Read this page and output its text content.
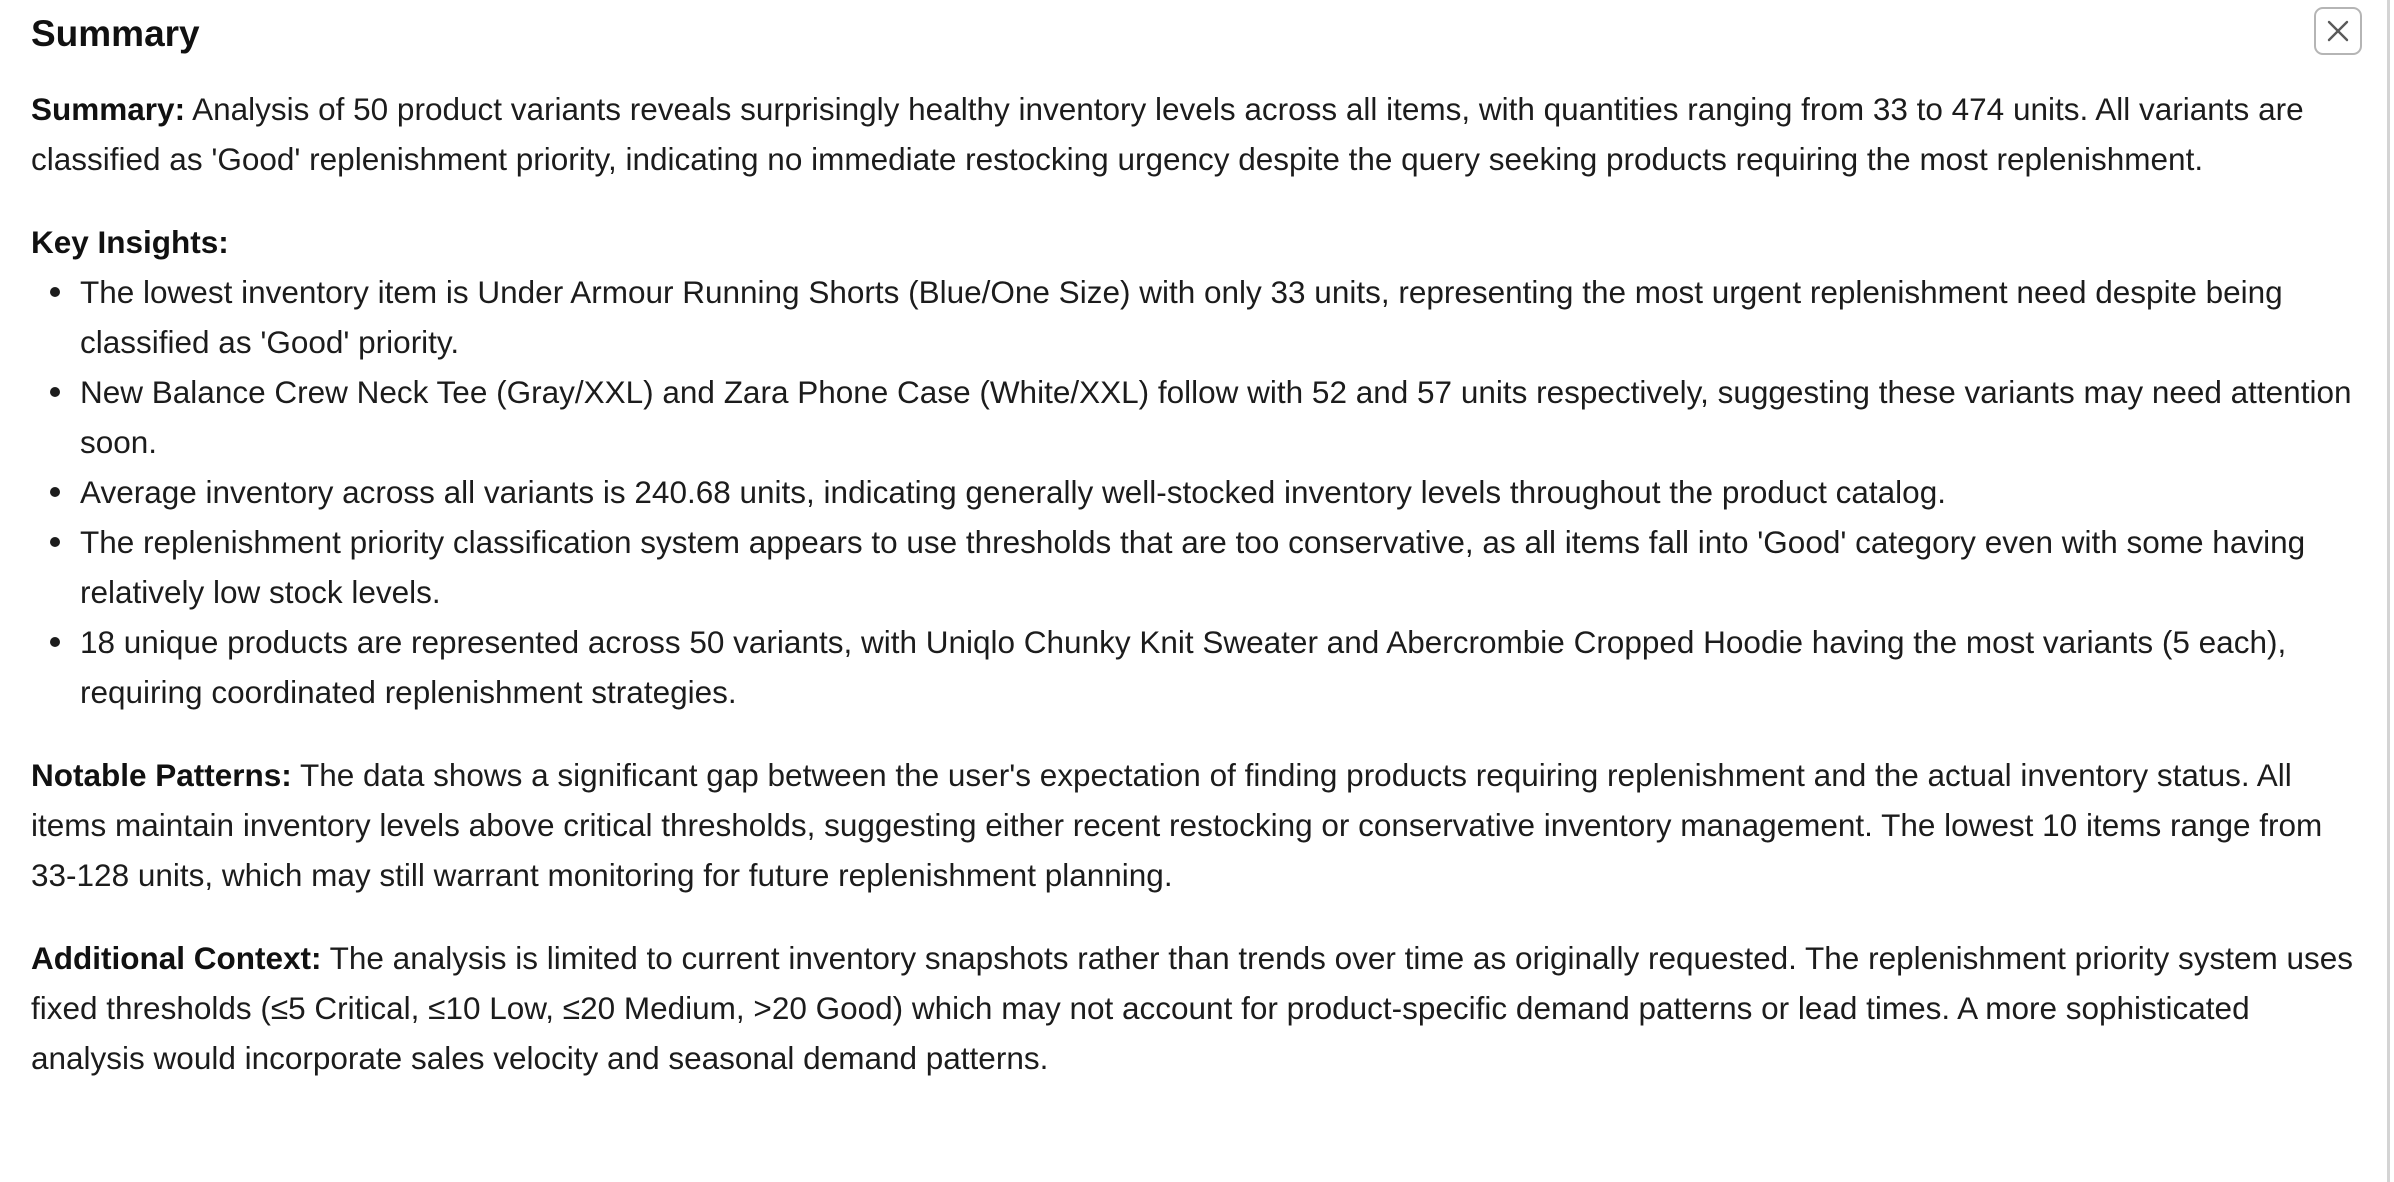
Summary

Summary: Analysis of 50 product variants reveals surprisingly healthy inventory levels across all items, with quantities ranging from 33 to 474 units. All variants are classified as 'Good' replenishment priority, indicating no immediate restocking urgency despite the query seeking products requiring the most replenishment.

Key Insights:

The lowest inventory item is Under Armour Running Shorts (Blue/One Size) with only 33 units, representing the most urgent replenishment need despite being classified as 'Good' priority.
New Balance Crew Neck Tee (Gray/XXL) and Zara Phone Case (White/XXL) follow with 52 and 57 units respectively, suggesting these variants may need attention soon.
Average inventory across all variants is 240.68 units, indicating generally well-stocked inventory levels throughout the product catalog.
The replenishment priority classification system appears to use thresholds that are too conservative, as all items fall into 'Good' category even with some having relatively low stock levels.
18 unique products are represented across 50 variants, with Uniqlo Chunky Knit Sweater and Abercrombie Cropped Hoodie having the most variants (5 each), requiring coordinated replenishment strategies.

Notable Patterns: The data shows a significant gap between the user's expectation of finding products requiring replenishment and the actual inventory status. All items maintain inventory levels above critical thresholds, suggesting either recent restocking or conservative inventory management. The lowest 10 items range from 33-128 units, which may still warrant monitoring for future replenishment planning.

Additional Context: The analysis is limited to current inventory snapshots rather than trends over time as originally requested. The replenishment priority system uses fixed thresholds (≤5 Critical, ≤10 Low, ≤20 Medium, >20 Good) which may not account for product-specific demand patterns or lead times. A more sophisticated analysis would incorporate sales velocity and seasonal demand patterns.
